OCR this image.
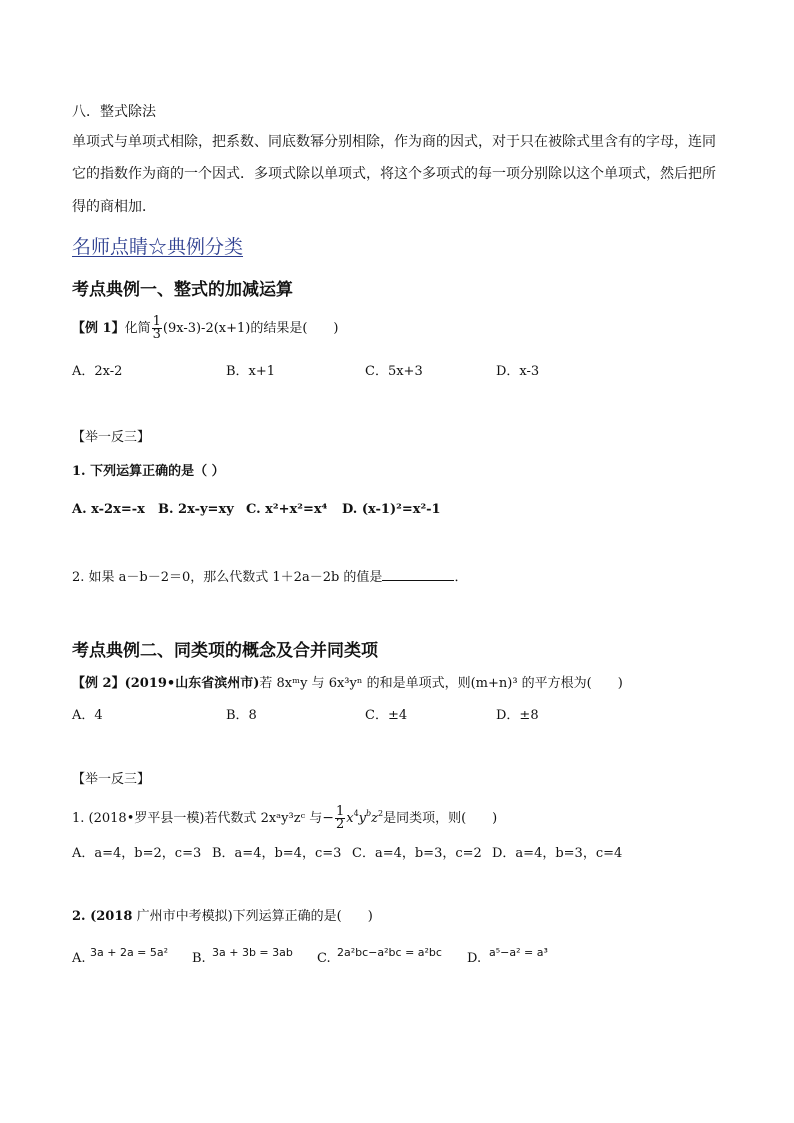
八．整式除法
单项式与单项式相除，把系数、同底数幂分别相除，作为商的因式，对于只在被除式里含有的字母，连同
它的指数作为商的一个因式．多项式除以单项式，将这个多项式的每一项分别除以这个单项式，然后把所
得的商相加．
名师点睛☆典例分类
考点典例一、整式的加减运算
【例 1】化简 $\frac{1}{3} (9x-3)-2(x+1)$的结果是(　　)
A．2x-2	B．x+1	C．5x+3	D．x-3
【举一反三】
1. 下列运算正确的是（ ）
A. x-2x=-x B. 2x-y=xy C. x²+x²=x⁴ D. (x-1)²=x²-1
2. 如果 a－b－2＝0，那么代数式 1＋2a－2b 的值是	．
考点典例二、同类项的概念及合并同类项
【例 2】(2019•山东省滨州市)若 8xᵐy 与 6x³yⁿ 的和是单项式，则(m+n)³ 的平方根为(　　)
A．4	B．8	C．±4	D．±8
【举一反三】
1. (2018•罗平县一模)若代数式 2xᵃy³zᶜ 与− $\frac{1}{2} x^4y^bz^2$是同类项，则(　　)
A．a=4，b=2，c=3 B．a=4，b=4，c=3 C．a=4，b=3，c=2 D．a=4，b=3，c=4
2. (2018 广州市中考模拟)下列运算正确的是(　　)
A. 3a + 2a = 5a² B. 3a + 3b = 3ab C. 2a²bc−a²bc = a²bc D. a⁵−a² = a³
